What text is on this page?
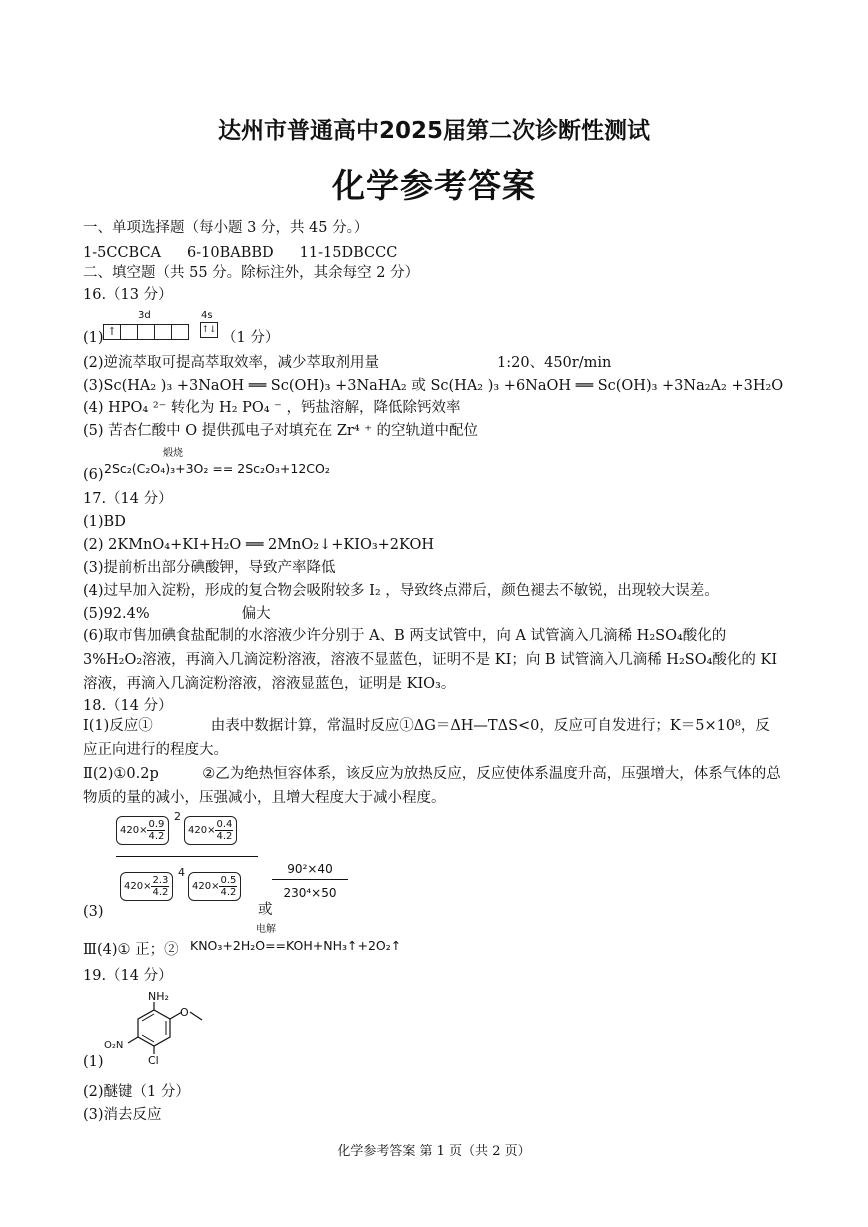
达州市普通高中2025届第二次诊断性测试
化学参考答案
一、单项选择题（每小题 3 分，共 45 分。）
1-5CCBCA 6-10BABBD 11-15DBCCC
二、填空题（共 55 分。除标注外，其余每空 2 分）
16.（13 分）
(1)
3d	4s
↑	↑↓ （1 分）
(2)逆流萃取可提高萃取效率，减少萃取剂用量	1:20、450r/min
(3)Sc(HA₂ )₃ +3NaOH ══ Sc(OH)₃ +3NaHA₂ 或 Sc(HA₂ )₃ +6NaOH ══ Sc(OH)₃ +3Na₂A₂ +3H₂O
(4) HPO₄ ²⁻ 转化为 H₂ PO₄ ⁻ ，钙盐溶解，降低除钙效率
(5) 苦杏仁酸中 O 提供孤电子对填充在 Zr⁴ ⁺ 的空轨道中配位
(6)
煅烧
2Sc₂(C₂O₄)₃+3O₂ == 2Sc₂O₃+12CO₂
17.（14 分）
(1)BD
(2) 2KMnO₄+KI+H₂O ══ 2MnO₂↓+KIO₃+2KOH
(3)提前析出部分碘酸钾，导致产率降低
(4)过早加入淀粉，形成的复合物会吸附较多 I₂ ，导致终点滞后，颜色褪去不敏锐，出现较大误差。
(5)92.4%	偏大
(6)取市售加碘食盐配制的水溶液少许分别于 A、B 两支试管中，向 A 试管滴入几滴稀 H₂SO₄酸化的 3%H₂O₂溶液，再滴入几滴淀粉溶液，溶液不显蓝色，证明不是 KI；向 B 试管滴入几滴稀 H₂SO₄酸化的 KI 溶液，再滴入几滴淀粉溶液，溶液显蓝色，证明是 KIO₃。
18.（14 分）
Ⅰ(1)反应①　　　　由表中数据计算，常温时反应①ΔG＝ΔH—TΔS<0，反应可自发进行；K＝5×10⁸，反应正向进行的程度大。
Ⅱ(2)①0.2p　　　②乙为绝热恒容体系，该反应为放热反应，反应使体系温度升高，压强增大，体系气体的总物质的量的减小，压强减小，且增大程度大于减小程度。
$420\times \frac{0.9}{4.2}$
2
$420\times \frac{0.4}{4.2}$
$420\times \frac{2.3}{4.2}$
4
$420\times \frac{0.5}{4.2}$
(3)	或
90²×40
230⁴×50
Ⅲ(4)① 正；②
电解
KNO₃+2H₂O==KOH+NH₃↑+2O₂↑
19.（14 分）
NH₂
O
O₂N
Cl
(1)
(2)醚键（1 分）
(3)消去反应
化学参考答案 第 1 页（共 2 页）
